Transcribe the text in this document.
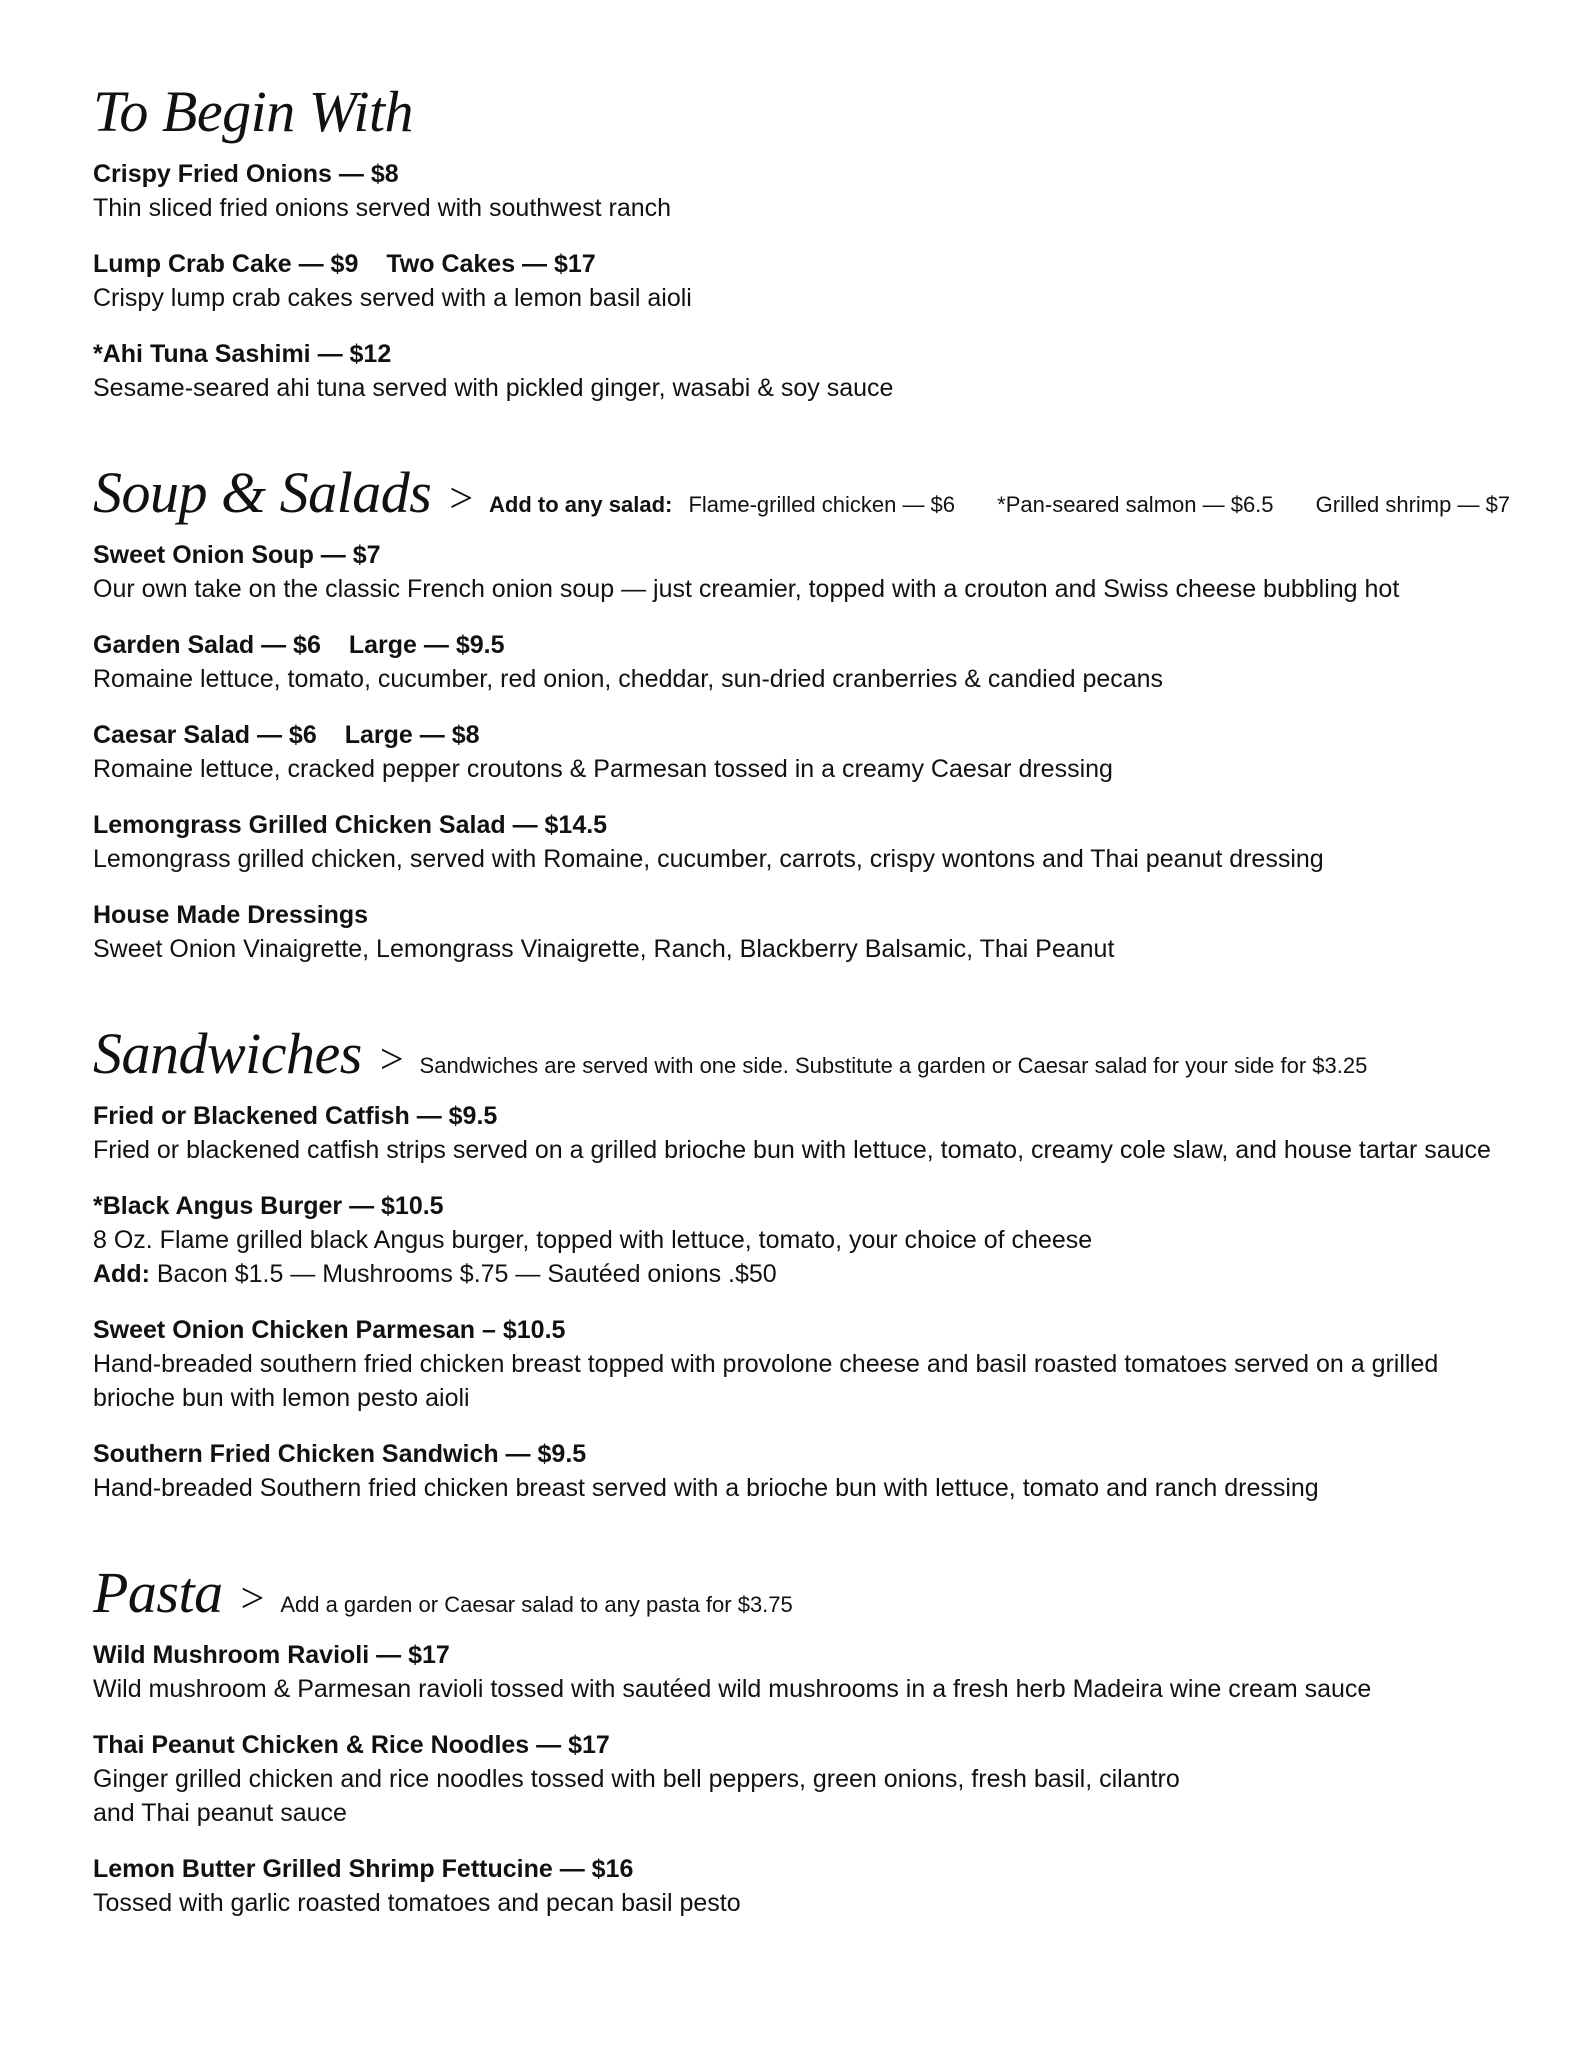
To Begin With
Crispy Fried Onions — $8
Thin sliced fried onions served with southwest ranch
Lump Crab Cake — $9 Two Cakes — $17
Crispy lump crab cakes served with a lemon basil aioli
*Ahi Tuna Sashimi — $12
Sesame-seared ahi tuna served with pickled ginger, wasabi & soy sauce
Soup & Salads > Add to any salad: Flame-grilled chicken — $6 *Pan-seared salmon — $6.5 Grilled shrimp — $7
Sweet Onion Soup — $7
Our own take on the classic French onion soup — just creamier, topped with a crouton and Swiss cheese bubbling hot
Garden Salad — $6 Large — $9.5
Romaine lettuce, tomato, cucumber, red onion, cheddar, sun-dried cranberries & candied pecans
Caesar Salad — $6 Large — $8
Romaine lettuce, cracked pepper croutons & Parmesan tossed in a creamy Caesar dressing
Lemongrass Grilled Chicken Salad — $14.5
Lemongrass grilled chicken, served with Romaine, cucumber, carrots, crispy wontons and Thai peanut dressing
House Made Dressings
Sweet Onion Vinaigrette, Lemongrass Vinaigrette, Ranch, Blackberry Balsamic, Thai Peanut
Sandwiches > Sandwiches are served with one side. Substitute a garden or Caesar salad for your side for $3.25
Fried or Blackened Catfish — $9.5
Fried or blackened catfish strips served on a grilled brioche bun with lettuce, tomato, creamy cole slaw, and house tartar sauce
*Black Angus Burger — $10.5
8 Oz. Flame grilled black Angus burger, topped with lettuce, tomato, your choice of cheese
Add: Bacon $1.5 — Mushrooms $.75 — Sautéed onions .$50
Sweet Onion Chicken Parmesan – $10.5
Hand-breaded southern fried chicken breast topped with provolone cheese and basil roasted tomatoes served on a grilled brioche bun with lemon pesto aioli
Southern Fried Chicken Sandwich — $9.5
Hand-breaded Southern fried chicken breast served with a brioche bun with lettuce, tomato and ranch dressing
Pasta > Add a garden or Caesar salad to any pasta for $3.75
Wild Mushroom Ravioli — $17
Wild mushroom & Parmesan ravioli tossed with sautéed wild mushrooms in a fresh herb Madeira wine cream sauce
Thai Peanut Chicken & Rice Noodles — $17
Ginger grilled chicken and rice noodles tossed with bell peppers, green onions, fresh basil, cilantro
and Thai peanut sauce
Lemon Butter Grilled Shrimp Fettucine — $16
Tossed with garlic roasted tomatoes and pecan basil pesto
